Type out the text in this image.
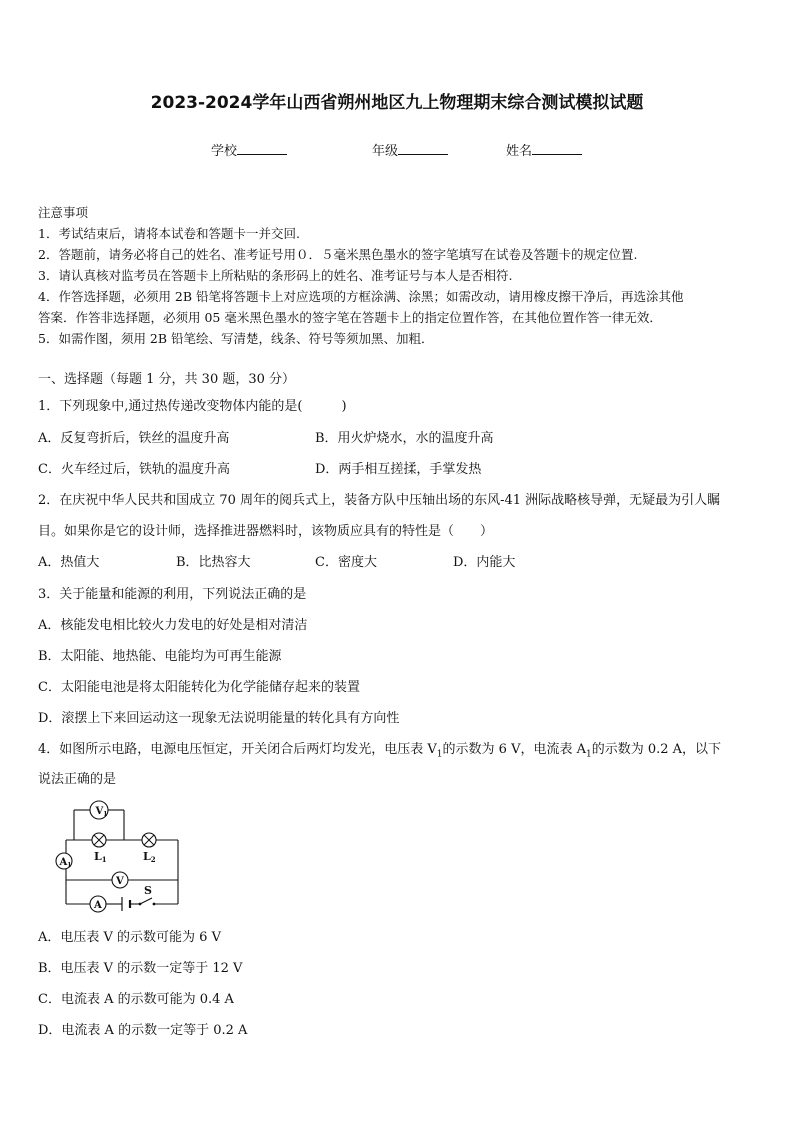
2023-2024学年山西省朔州地区九上物理期末综合测试模拟试题
学校	年级	姓名
注意事项
1．考试结束后，请将本试卷和答题卡一并交回.
2．答题前，请务必将自己的姓名、准考证号用０．５毫米黑色墨水的签字笔填写在试卷及答题卡的规定位置.
3．请认真核对监考员在答题卡上所粘贴的条形码上的姓名、准考证号与本人是否相符.
4．作答选择题，必须用 2B 铅笔将答题卡上对应选项的方框涂满、涂黑；如需改动，请用橡皮擦干净后，再选涂其他
答案．作答非选择题，必须用 05 毫米黑色墨水的签字笔在答题卡上的指定位置作答，在其他位置作答一律无效．
5．如需作图，须用 2B 铅笔绘、写清楚，线条、符号等须加黑、加粗．
一、选择题（每题 1 分，共 30 题，30 分）
1．下列现象中,通过热传递改变物体内能的是(　　　)
A．反复弯折后，铁丝的温度升高	B．用火炉烧水，水的温度升高
C．火车经过后，铁轨的温度升高	D．两手相互搓揉，手掌发热
2．在庆祝中华人民共和国成立 70 周年的阅兵式上，装备方队中压轴出场的东风-41 洲际战略核导弹，无疑最为引人瞩
目。如果你是它的设计师，选择推进器燃料时，该物质应具有的特性是（　　）
A．热值大	B．比热容大	C．密度大	D．内能大
3．关于能量和能源的利用，下列说法正确的是
A．核能发电相比较火力发电的好处是相对清洁
B．太阳能、地热能、电能均为可再生能源
C．太阳能电池是将太阳能转化为化学能储存起来的装置
D．滚摆上下来回运动这一现象无法说明能量的转化具有方向性
4．如图所示电路，电源电压恒定，开关闭合后两灯均发光，电压表 $V_1$的示数为 6 V，电流表 $A_1$的示数为 0.2 A，以下
说法正确的是
$V_1$
L1	L2
$A_1$
V
A
S
A．电压表 V 的示数可能为 6 V
B．电压表 V 的示数一定等于 12 V
C．电流表 A 的示数可能为 0.4 A
D．电流表 A 的示数一定等于 0.2 A
